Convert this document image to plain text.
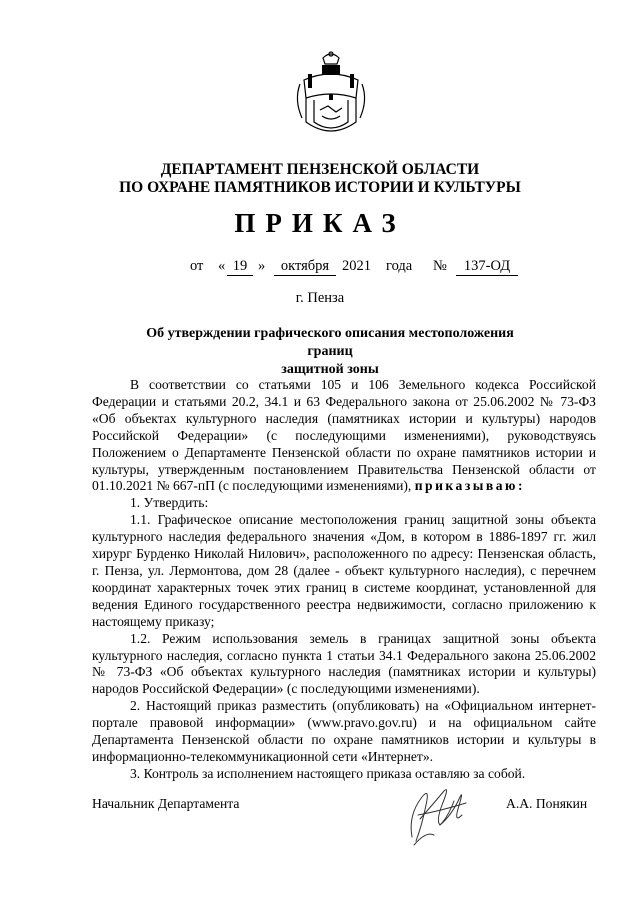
ДЕПАРТАМЕНТ ПЕНЗЕНСКОЙ ОБЛАСТИ
ПО ОХРАНЕ ПАМЯТНИКОВ ИСТОРИИ И КУЛЬТУРЫ
ПРИКАЗ
от « 19 »	октября 2021 года №	137-ОД
г. Пенза
Об утверждении графического описания местоположения границ
защитной зоны

В соответствии со статьями 105 и 106 Земельного кодекса Российской Федерации и статьями 20.2, 34.1 и 63 Федерального закона от 25.06.2002 № 73-ФЗ «Об объектах культурного наследия (памятниках истории и культуры) народов Российской Федерации» (с последующими изменениями), руководствуясь Положением о Департаменте Пензенской области по охране памятников истории и культуры, утвержденным постановлением Правительства Пензенской области от 01.10.2021 № 667-пП (с последующими изменениями), приказываю:

1. Утвердить:

1.1. Графическое описание местоположения границ защитной зоны объекта культурного наследия федерального значения «Дом, в котором в 1886-1897 гг. жил хирург Бурденко Николай Нилович», расположенного по адресу: Пензенская область, г. Пенза, ул. Лермонтова, дом 28 (далее - объект культурного наследия), с перечнем координат характерных точек этих границ в системе координат, установленной для ведения Единого государственного реестра недвижимости, согласно приложению к настоящему приказу;

1.2. Режим использования земель в границах защитной зоны объекта культурного наследия, согласно пункта 1 статьи 34.1 Федерального закона 25.06.2002 № 73-ФЗ «Об объектах культурного наследия (памятниках истории и культуры) народов Российской Федерации» (с последующими изменениями).

2. Настоящий приказ разместить (опубликовать) на «Официальном интернет-портале правовой информации» (www.pravo.gov.ru) и на официальном сайте Департамента Пензенской области по охране памятников истории и культуры в информационно-телекоммуникационной сети «Интернет».

3. Контроль за исполнением настоящего приказа оставляю за собой.

Начальник Департамента	А.А. Понякин
